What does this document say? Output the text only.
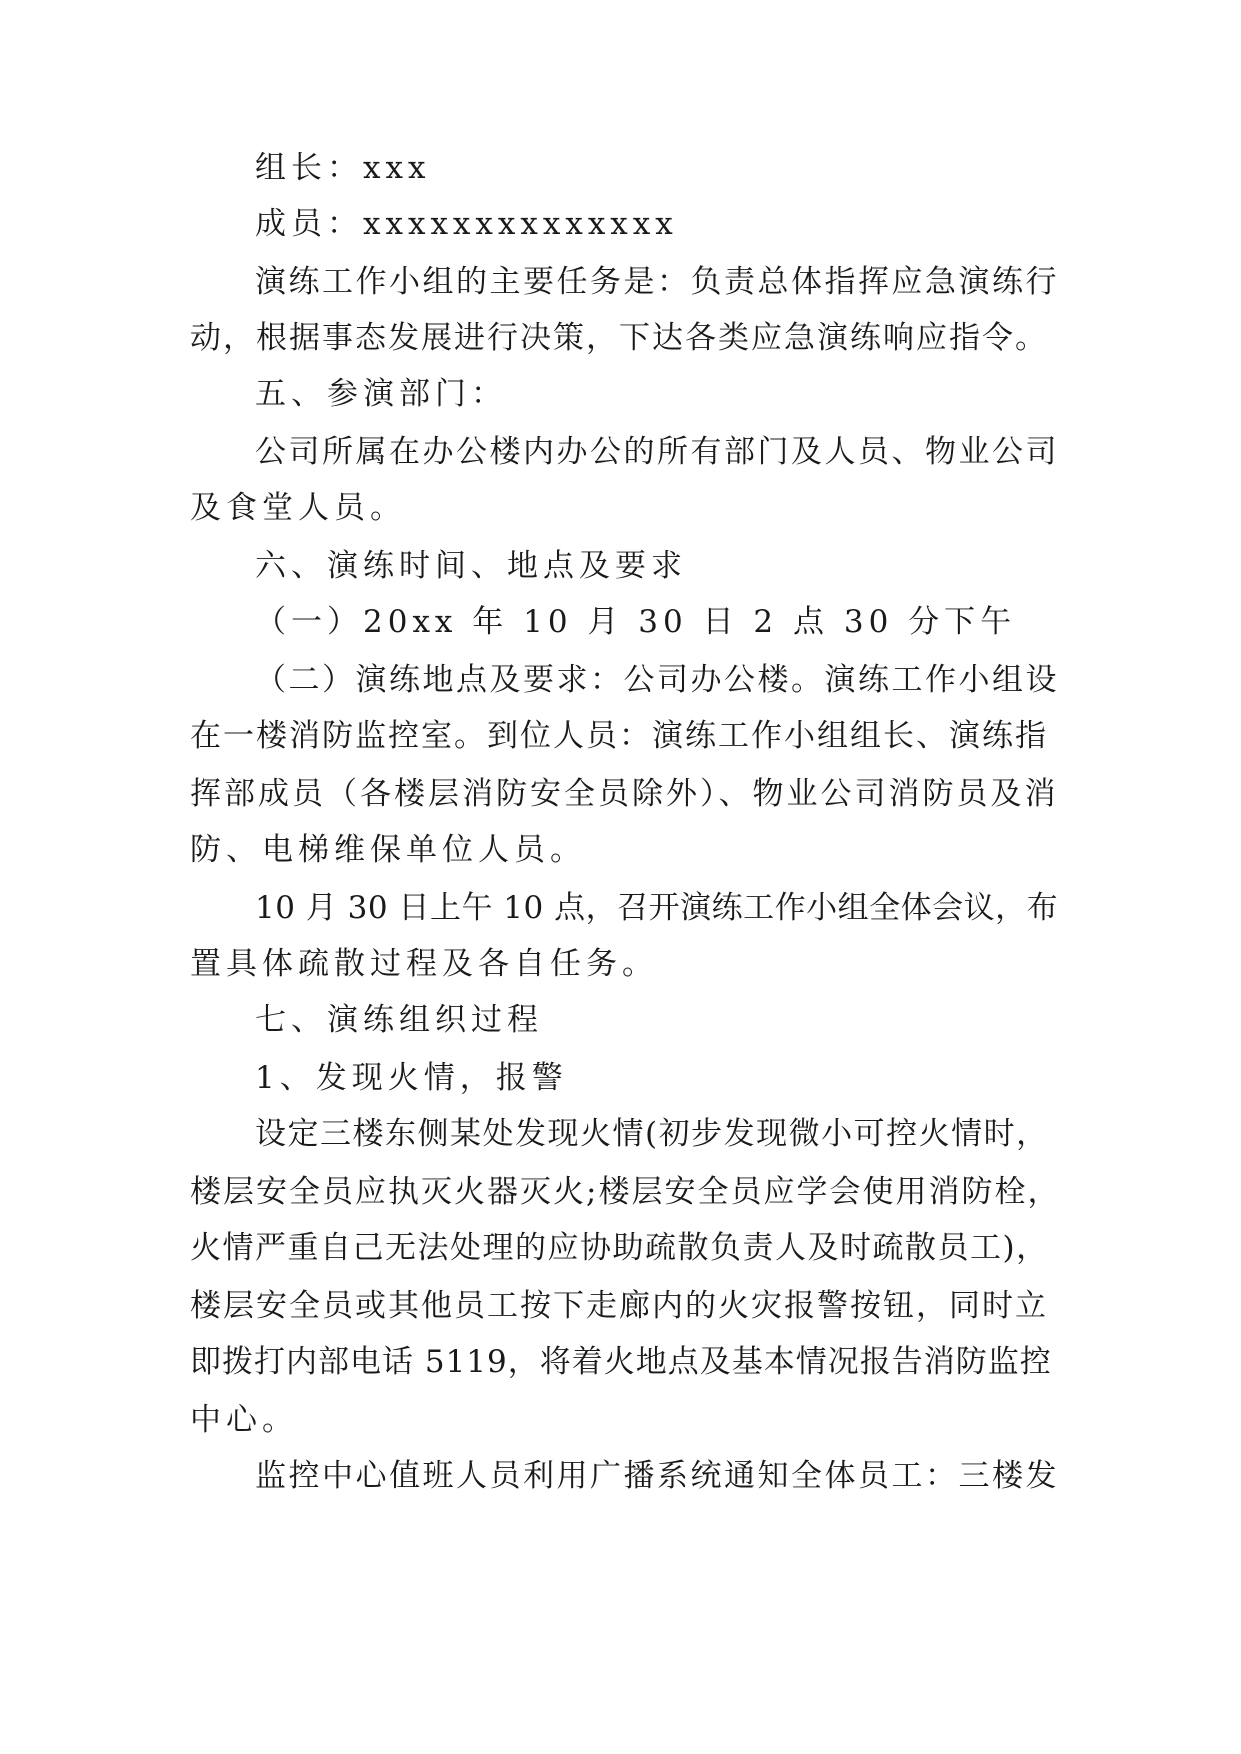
组长：xxx
成员：xxxxxxxxxxxxxx
演练工作小组的主要任务是：负责总体指挥应急演练行
动，根据事态发展进行决策，下达各类应急演练响应指令。
五、参演部门：
公司所属在办公楼内办公的所有部门及人员、物业公司
及食堂人员。
六、演练时间、地点及要求
（一）20xx 年 10 月 30 日 2 点 30 分下午
（二）演练地点及要求：公司办公楼。演练工作小组设
在一楼消防监控室。到位人员：演练工作小组组长、演练指
挥部成员（各楼层消防安全员除外）、物业公司消防员及消
防、电梯维保单位人员。
10 月 30 日上午 10 点，召开演练工作小组全体会议，布
置具体疏散过程及各自任务。
七、演练组织过程
1、发现火情，报警
设定三楼东侧某处发现火情(初步发现微小可控火情时，
楼层安全员应执灭火器灭火;楼层安全员应学会使用消防栓，
火情严重自己无法处理的应协助疏散负责人及时疏散员工)，
楼层安全员或其他员工按下走廊内的火灾报警按钮，同时立
即拨打内部电话 5119，将着火地点及基本情况报告消防监控
中心。
监控中心值班人员利用广播系统通知全体员工：三楼发
